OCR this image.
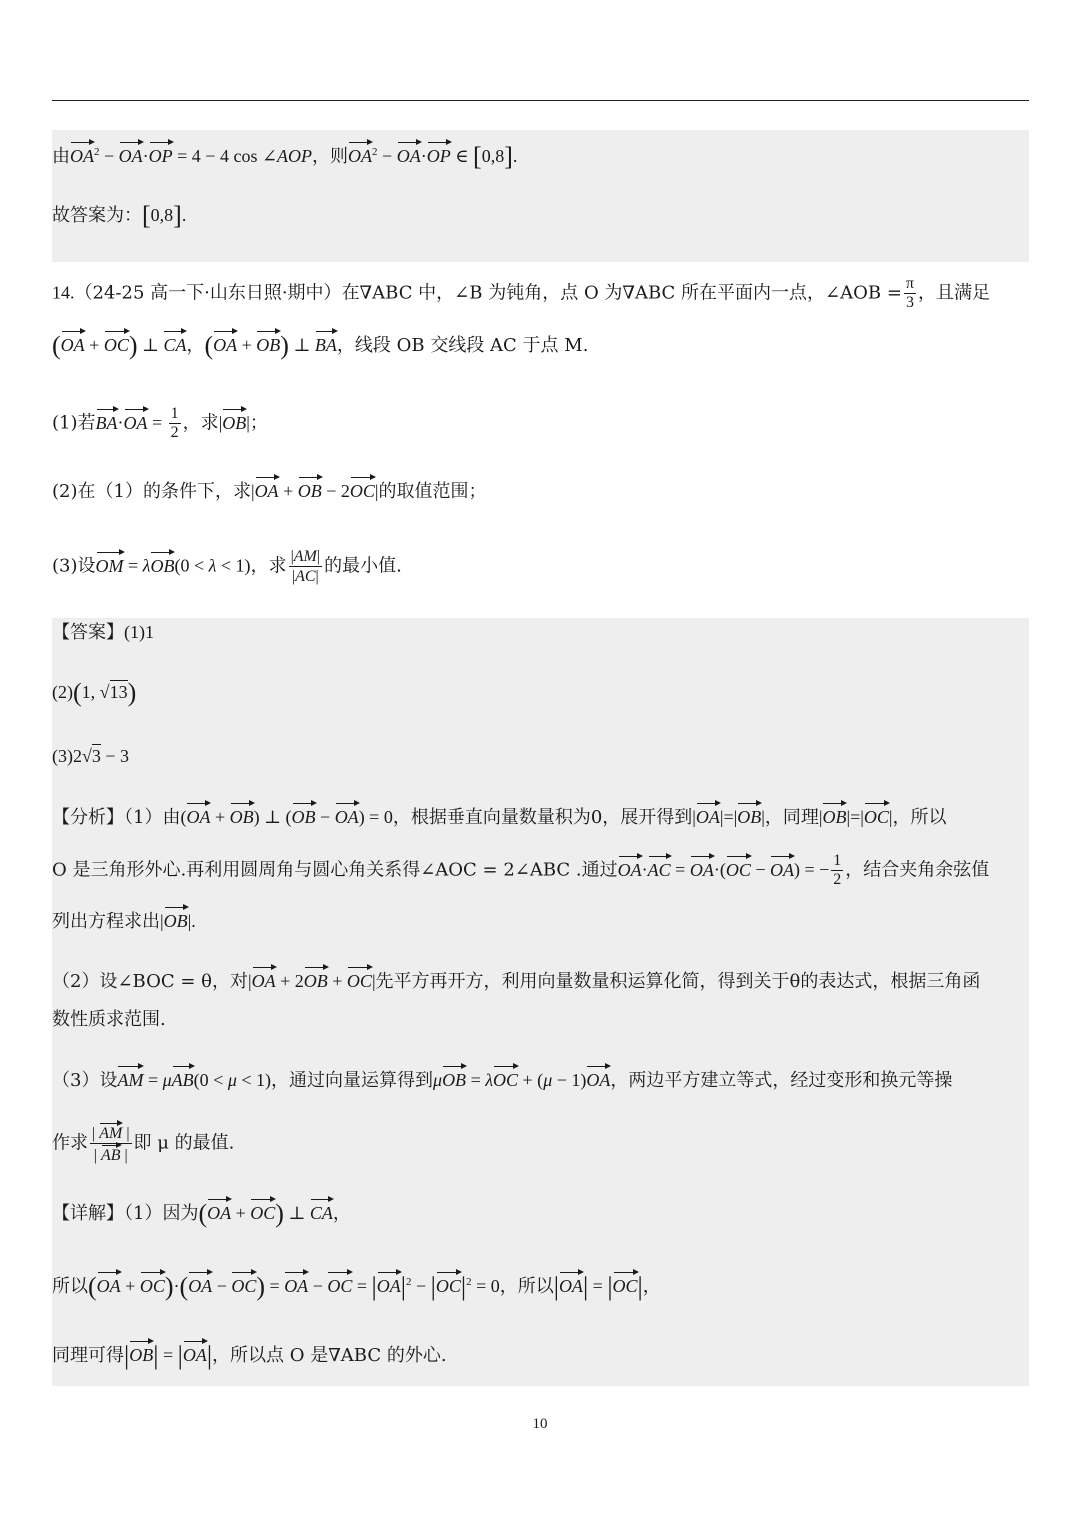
由$OA^2 - OA\cdot OP = 4 - 4$ cos ∠AOP，则$OA^2 - OA\cdot OP$ ∈ [0,8].
故答案为：[0,8].
14.（24-25 高一下·山东日照·期中）在∇ABC 中，∠B 为钝角，点 O 为∇ABC 所在平面内一点，∠AOB = $\frac{\pi}{3}$ ，且满足
(OA + OC) ⊥ CA，(OA + OB) ⊥ BA，线段 OB 交线段 AC 于点 M.
(1)若$BA\cdot OA = \frac{1}{2}$ ，求|OB|；
(2)在（1）的条件下，求|OA + OB − 2OC|的取值范围；
(3)设OM = λOB(0 < λ < 1)，求 $\frac{|AM|}{|AC|}$ 的最小值.
【答案】(1)1
(2)(1, √13)
(3)2√3 − 3
【分析】（1）由(OA + OB) ⊥ (OB − OA) = 0，根据垂直向量数量积为0，展开得到|OA|=|OB|，同理|OB|=|OC|，所以
O 是三角形外心.再利用圆周角与圆心角关系得∠AOC = 2∠ABC .通过OA·AC = OA·(OC − OA) = − $\frac{1}{2}$ ，结合夹角余弦值
列出方程求出|OB|.
（2）设∠BOC = θ，对|OA + 2OB + OC|先平方再开方，利用向量数量积运算化简，得到关于θ的表达式，根据三角函
数性质求范围.
（3）设AM = μAB(0 < μ < 1)，通过向量运算得到μOB = λOC + (μ − 1)OA，两边平方建立等式，经过变形和换元等操
作求 $\frac{| AM |}{| AB |}$ 即 μ 的最值.
【详解】（1）因为(OA + OC) ⊥ CA，
所以(OA + OC)·(OA − OC) = OA − OC = $|OA|^2 - |OC|^2 = 0$，所以|OA| = |OC|，
同理可得|OB| = |OA|，所以点 O 是∇ABC 的外心.
10
